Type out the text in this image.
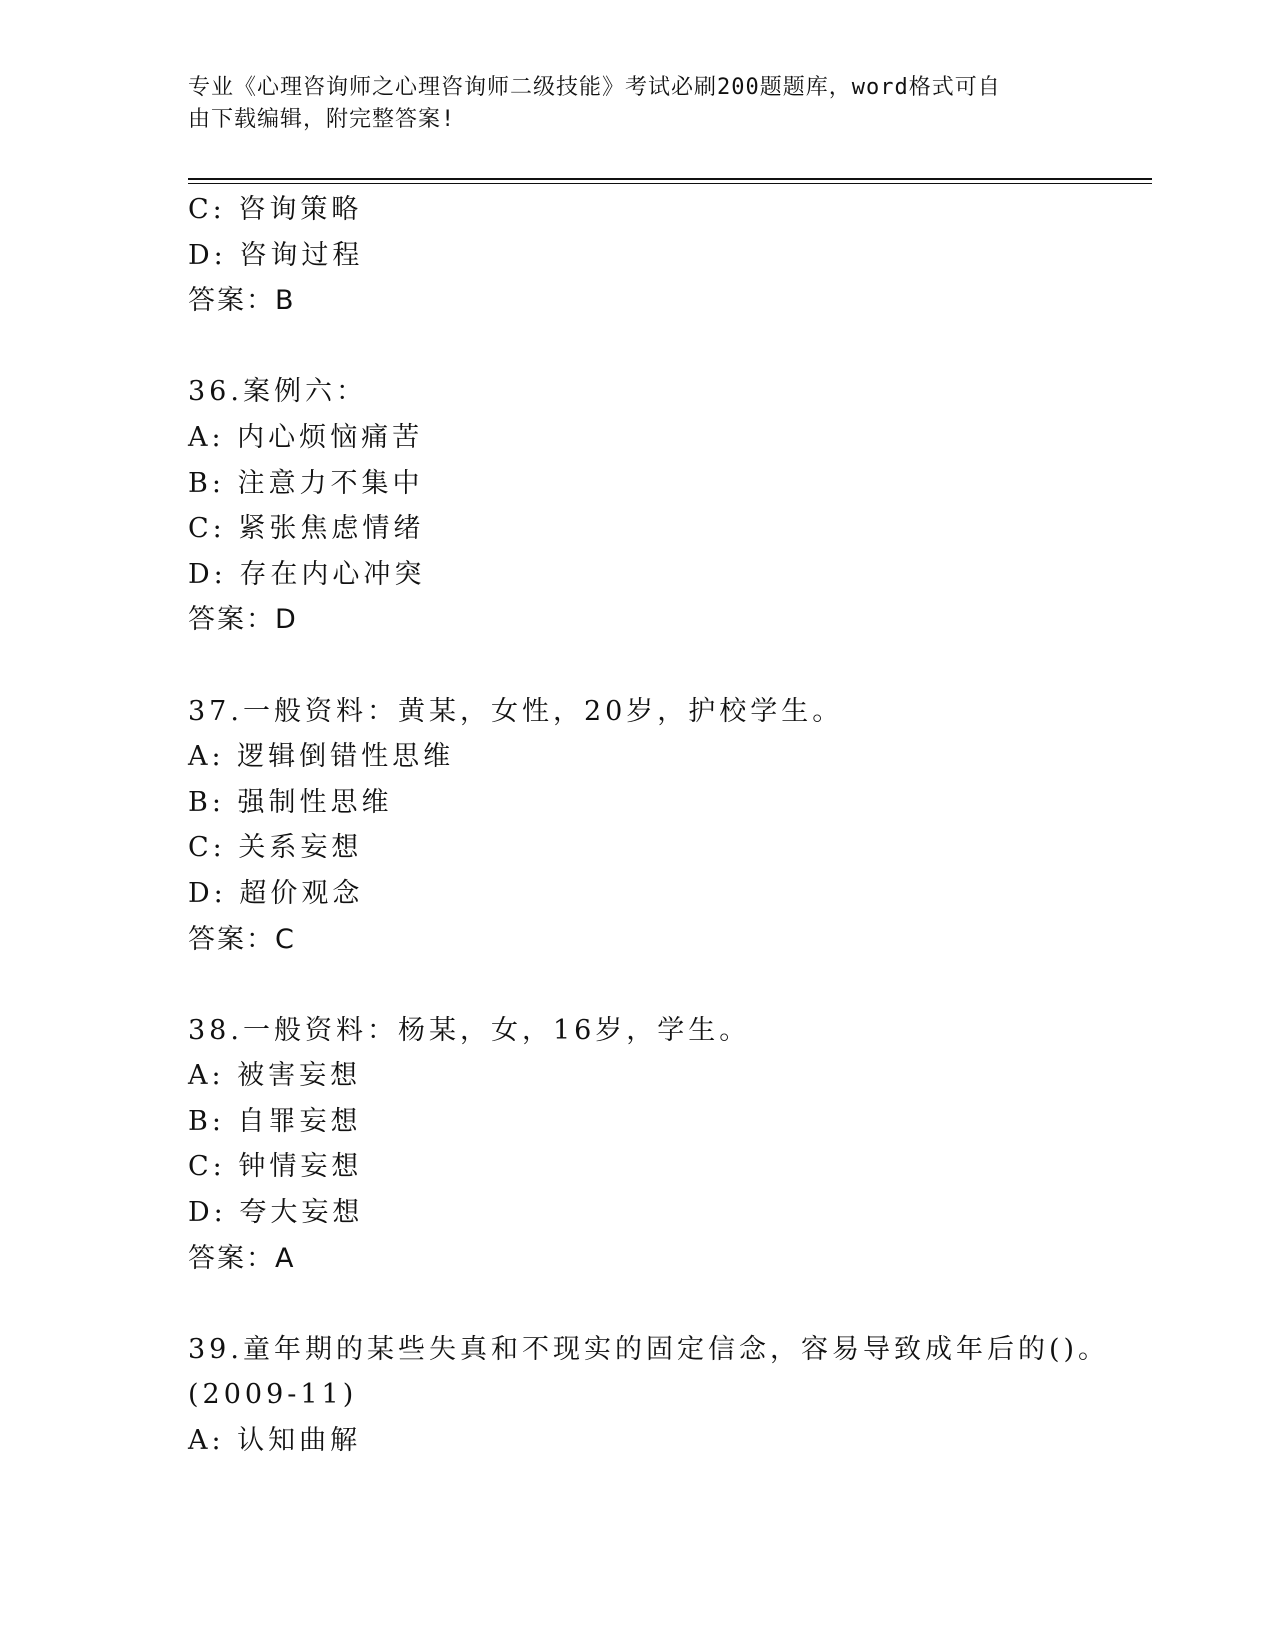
专业《心理咨询师之心理咨询师二级技能》考试必刷200题题库，word格式可自
由下载编辑，附完整答案!
C: 咨询策略
D: 咨询过程
答案：B
36.案例六：
A: 内心烦恼痛苦
B: 注意力不集中
C: 紧张焦虑情绪
D: 存在内心冲突
答案：D
37.一般资料：黄某，女性，20岁，护校学生。
A: 逻辑倒错性思维
B: 强制性思维
C: 关系妄想
D: 超价观念
答案：C
38.一般资料：杨某，女，16岁，学生。
A: 被害妄想
B: 自罪妄想
C: 钟情妄想
D: 夸大妄想
答案：A
39.童年期的某些失真和不现实的固定信念，容易导致成年后的()。
(2009-11)
A: 认知曲解
